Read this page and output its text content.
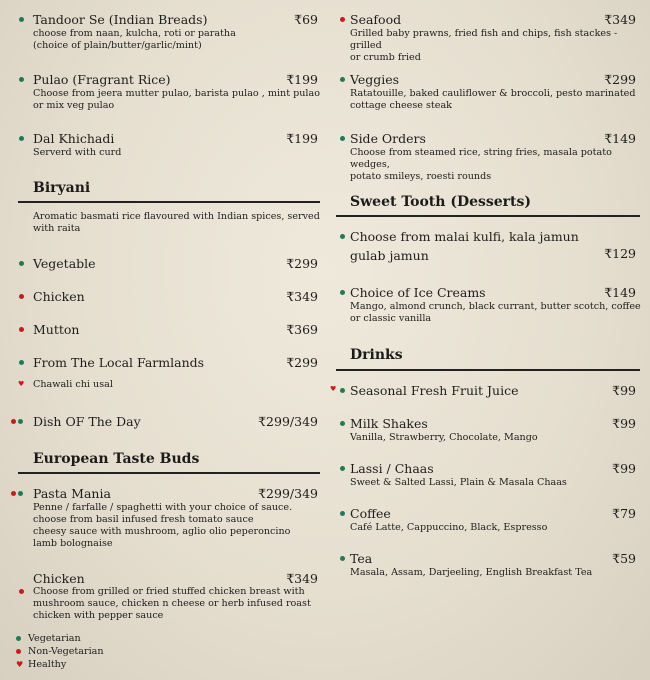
Tandoor Se (Indian Breads)	₹69
choose from naan, kulcha, roti or paratha
(choice of plain/butter/garlic/mint)
Pulao (Fragrant Rice)	₹199
Choose from jeera mutter pulao, barista pulao , mint pulao
or mix veg pulao
Dal Khichadi	₹199
Serverd with curd
Biryani
Aromatic basmati rice flavoured with Indian spices, served
with raita
Vegetable	₹299
Chicken	₹349
Mutton	₹369
From The Local Farmlands	₹299
♥ Chawali chi usal
Dish OF The Day	₹299/349
European Taste Buds
Pasta Mania	₹299/349
Penne / farfalle / spaghetti with your choice of sauce.
choose from basil infused fresh tomato sauce
cheesy sauce with mushroom, aglio olio peperoncino
lamb bolognaise
Chicken	₹349
Choose from grilled or fried stuffed chicken breast with
mushroom sauce, chicken n cheese or herb infused roast
chicken with pepper sauce
Vegetarian
Non-Vegetarian
♥ Healthy
Seafood	₹349
Grilled baby prawns, fried fish and chips, fish stackes - grilled
or crumb fried
Veggies	₹299
Ratatouille, baked cauliflower & broccoli, pesto marinated
cottage cheese steak
Side Orders	₹149
Choose from steamed rice, string fries, masala potato wedges,
potato smileys, roesti rounds
Sweet Tooth (Desserts)
Choose from malai kulfi, kala jamun
gulab jamun	₹129
Choice of Ice Creams	₹149
Mango, almond crunch, black currant, butter scotch, coffee
or classic vanilla
Drinks
♥ Seasonal Fresh Fruit Juice	₹99
Milk Shakes	₹99
Vanilla, Strawberry, Chocolate, Mango
Lassi / Chaas	₹99
Sweet & Salted Lassi, Plain & Masala Chaas
Coffee	₹79
Café Latte, Cappuccino, Black, Espresso
Tea	₹59
Masala, Assam, Darjeeling, English Breakfast Tea
